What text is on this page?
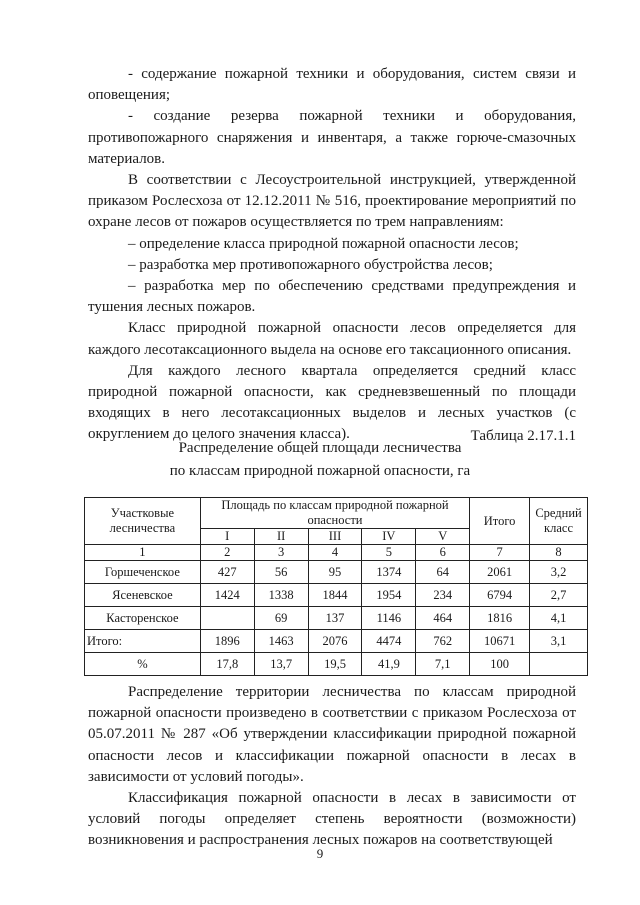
- содержание пожарной техники и оборудования, систем связи и оповещения;

- создание резерва пожарной техники и оборудования, противопожарного снаряжения и инвентаря, а также горюче-смазочных материалов.

В соответствии с Лесоустроительной инструкцией, утвержденной приказом Рослесхоза от 12.12.2011 № 516, проектирование мероприятий по охране лесов от пожаров осуществляется по трем направлениям:

– определение класса природной пожарной опасности лесов;

– разработка мер противопожарного обустройства лесов;

– разработка мер по обеспечению средствами предупреждения и тушения лесных пожаров.

Класс природной пожарной опасности лесов определяется для каждого лесотаксационного выдела на основе его таксационного описания.

Для каждого лесного квартала определяется средний класс природной пожарной опасности, как средневзвешенный по площади входящих в него лесотаксационных выделов и лесных участков (с округлением до целого значения класса).	Таблица 2.17.1.1
Распределение общей площади лесничества
по классам природной пожарной опасности, га
Участковые лесничества	Площадь по классам природной пожарной опасности					Итого	Средний класс
	I	II	III	IV	V		
1	2	3	4	5	6	7	8
Горшеченское	427	56	95	1374	64	2061	3,2
Ясеневское	1424	1338	1844	1954	234	6794	2,7
Касторенское		69	137	1146	464	1816	4,1
Итого:	1896	1463	2076	4474	762	10671	3,1
%	17,8	13,7	19,5	41,9	7,1	100	

Распределение территории лесничества по классам природной пожарной опасности произведено в соответствии с приказом Рослесхоза от 05.07.2011 № 287 «Об утверждении классификации природной пожарной опасности лесов и классификации пожарной опасности в лесах в зависимости от условий погоды».

Классификация пожарной опасности в лесах в зависимости от условий погоды определяет степень вероятности (возможности) возникновения и распространения лесных пожаров на соответствующей

9
